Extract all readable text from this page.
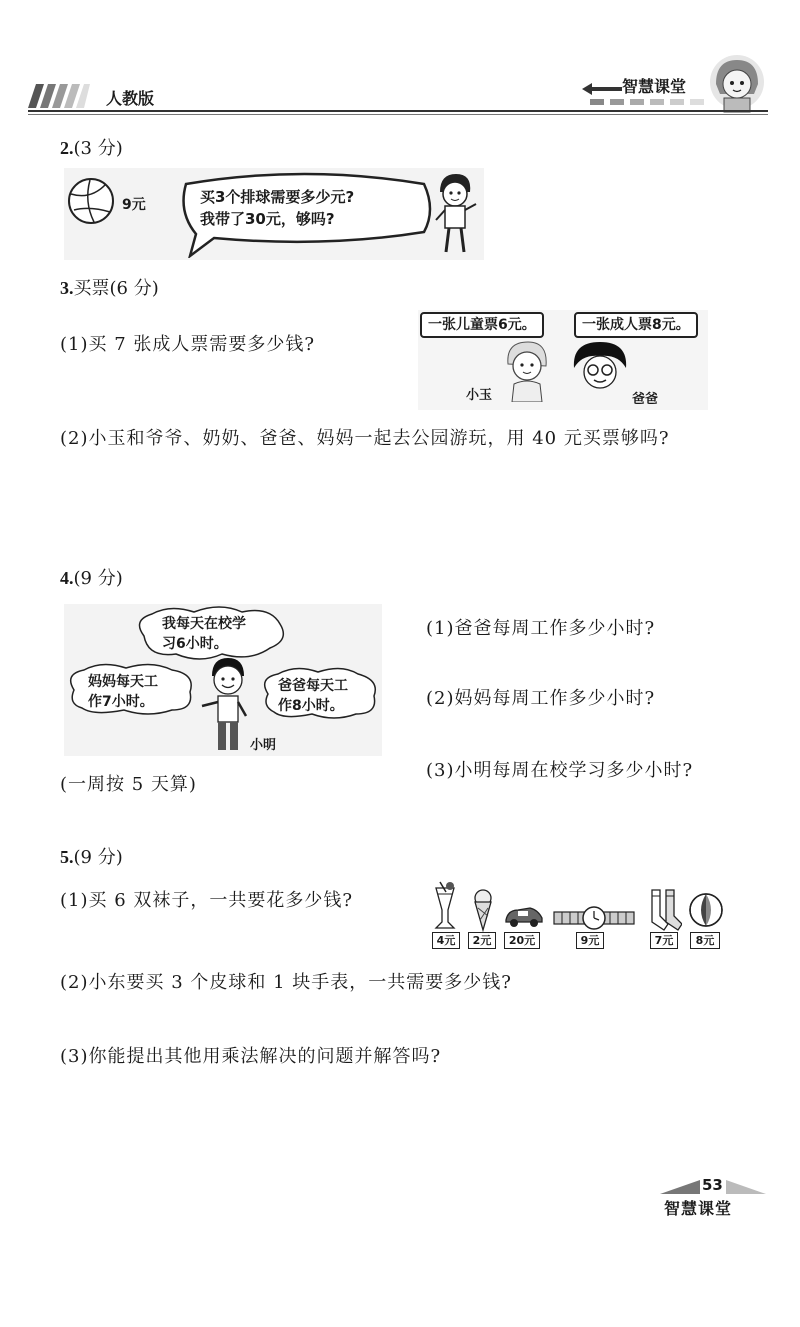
人教版
智慧课堂
2.(3 分)
9元	买3个排球需要多少元?
我带了30元，够吗?
3.买票(6 分)
(1)买 7 张成人票需要多少钱?
一张儿童票6元。	一张成人票8元。
小玉	爸爸
(2)小玉和爷爷、奶奶、爸爸、妈妈一起去公园游玩，用 40 元买票够吗?
4.(9 分)
我每天在校学
习6小时。
妈妈每天工
作7小时。
爸爸每天工
作8小时。
小明
(一周按 5 天算)
(1)爸爸每周工作多少小时?
(2)妈妈每周工作多少小时?
(3)小明每周在校学习多少小时?
5.(9 分)
(1)买 6 双袜子，一共要花多少钱?
4元	2元	20元	9元	7元	8元
(2)小东要买 3 个皮球和 1 块手表，一共需要多少钱?
(3)你能提出其他用乘法解决的问题并解答吗?
53
智慧课堂
